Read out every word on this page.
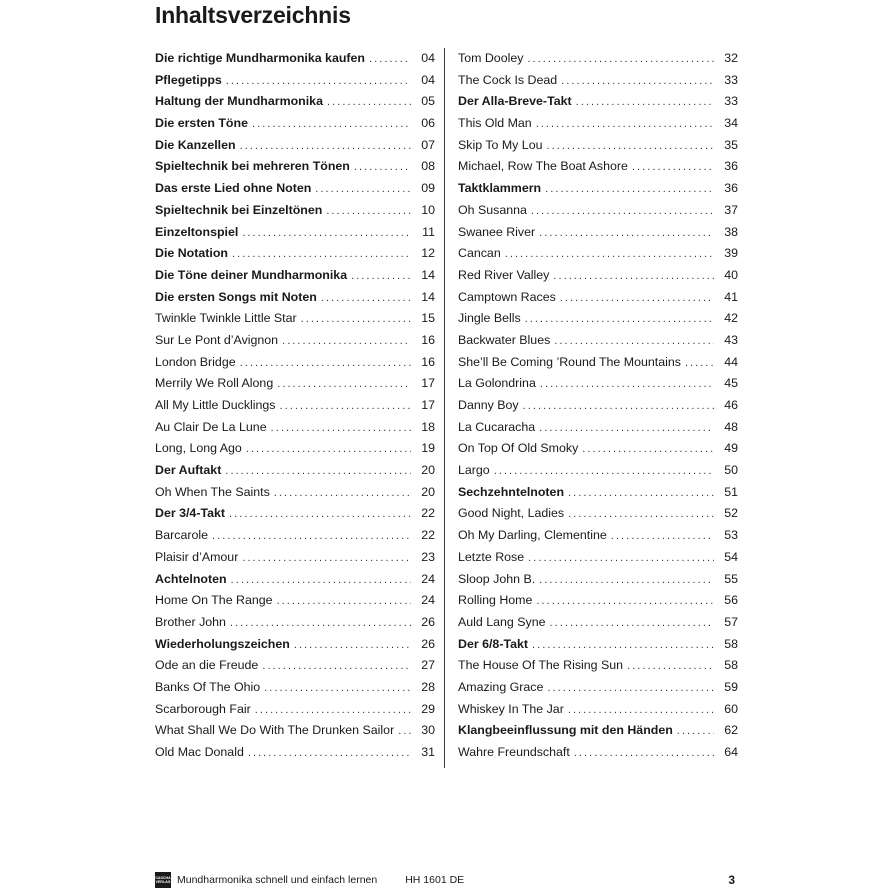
Inhaltsverzeichnis
Die richtige Mundharmonika kaufen . . .	04
Pflegetipps . . .	04
Haltung der Mundharmonika . . .	05
Die ersten Töne . . .	06
Die Kanzellen . . .	07
Spieltechnik bei mehreren Tönen . . .	08
Das erste Lied ohne Noten . . .	09
Spieltechnik bei Einzeltönen . . .	10
Einzeltonspiel . . .	11
Die Notation . . .	12
Die Töne deiner Mundharmonika . . .	14
Die ersten Songs mit Noten . . .	14
Twinkle Twinkle Little Star . . .	15
Sur Le Pont d’Avignon . . .	16
London Bridge . . .	16
Merrily We Roll Along . . .	17
All My Little Ducklings . . .	17
Au Clair De La Lune . . .	18
Long, Long Ago . . .	19
Der Auftakt . . .	20
Oh When The Saints . . .	20
Der 3/4-Takt . . .	22
Barcarole . . .	22
Plaisir d’Amour . . .	23
Achtelnoten . . .	24
Home On The Range . . .	24
Brother John . . .	26
Wiederholungszeichen . . .	26
Ode an die Freude . . .	27
Banks Of The Ohio . . .	28
Scarborough Fair . . .	29
What Shall We Do With The Drunken Sailor . . .	30
Old Mac Donald . . .	31
Tom Dooley . . .	32
The Cock Is Dead . . .	33
Der Alla-Breve-Takt . . .	33
This Old Man . . .	34
Skip To My Lou . . .	35
Michael, Row The Boat Ashore . . .	36
Taktklammern . . .	36
Oh Susanna . . .	37
Swanee River . . .	38
Cancan . . .	39
Red River Valley . . .	40
Camptown Races . . .	41
Jingle Bells . . .	42
Backwater Blues . . .	43
She’ll Be Coming ’Round The Mountains . . .	44
La Golondrina . . .	45
Danny Boy . . .	46
La Cucaracha . . .	48
On Top Of Old Smoky . . .	49
Largo . . .	50
Sechzehntelnoten . . .	51
Good Night, Ladies . . .	52
Oh My Darling, Clementine . . .	53
Letzte Rose . . .	54
Sloop John B. . . .	55
Rolling Home . . .	56
Auld Lang Syne . . .	57
Der 6/8-Takt . . .	58
The House Of The Rising Sun . . .	58
Amazing Grace . . .	59
Whiskey In The Jar . . .	60
Klangbeeinflussung mit den Händen . . .	62
Wahre Freundschaft . . .	64
CASCHA
VERLAG Mundharmonika schnell und einfach lernen	HH 1601 DE	3
